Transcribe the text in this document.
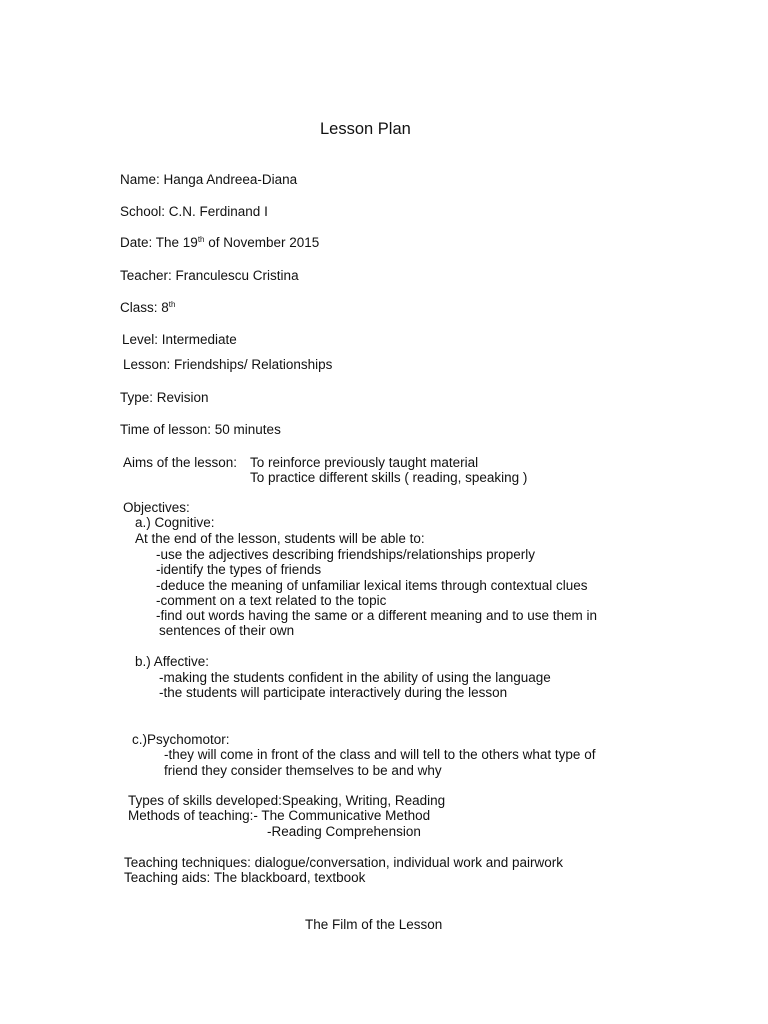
Lesson Plan
Name: Hanga Andreea-Diana
School: C.N. Ferdinand I
Date: The 19th of November 2015
Teacher: Franculescu Cristina
Class: 8th
Level: Intermediate
Lesson: Friendships/ Relationships
Type: Revision
Time of lesson: 50 minutes
Aims of the lesson: To reinforce previously taught material
To practice different skills ( reading, speaking )
Objectives:
a.) Cognitive:
At the end of the lesson, students will be able to:
-use the adjectives describing friendships/relationships properly
-identify the types of friends
-deduce the meaning of unfamiliar lexical items through contextual clues
-comment on a text related to the topic
-find out words having the same or a different meaning and to use them in
sentences of their own
b.) Affective:
-making the students confident in the ability of using the language
-the students will participate interactively during the lesson
c.)Psychomotor:
-they will come in front of the class and will tell to the others what type of
friend they consider themselves to be and why
Types of skills developed:Speaking, Writing, Reading
Methods of teaching:- The Communicative Method
-Reading Comprehension
Teaching techniques: dialogue/conversation, individual work and pairwork
Teaching aids: The blackboard, textbook
The Film of the Lesson
